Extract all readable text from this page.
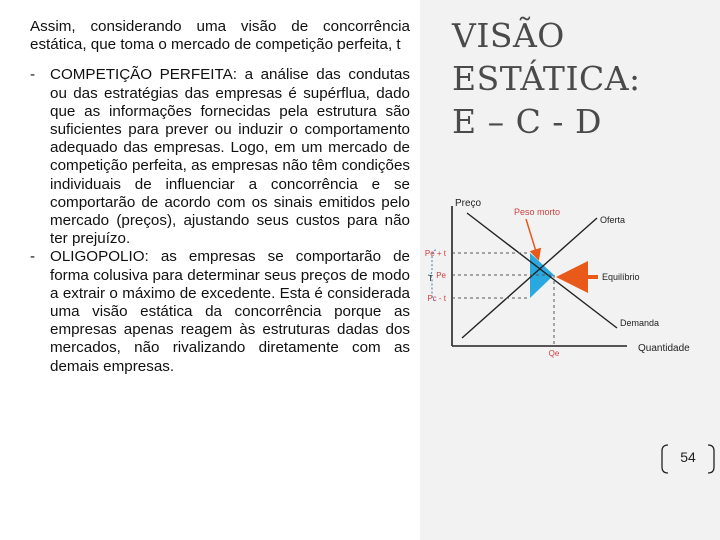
Assim, considerando uma visão de concorrência estática, que toma o mercado de competição perfeita, t

- COMPETIÇÃO PERFEITA: a análise das condutas ou das estratégias das empresas é supérflua, dado que as informações fornecidas pela estrutura são suficientes para prever ou induzir o comportamento adequado das empresas. Logo, em um mercado de competição perfeita, as empresas não têm condições individuais de influenciar a concorrência e se comportarão de acordo com os sinais emitidos pelo mercado (preços), ajustando seus custos para não ter prejuízo.
- OLIGOPOLIO: as empresas se comportarão de forma colusiva para determinar seus preços de modo a extrair o máximo de excedente. Esta é considerada uma visão estática da concorrência porque as empresas apenas reagem às estruturas dadas dos mercados, não rivalizando diretamente com as demais empresas.
VISÃO
ESTÁTICA:
E – C - D
Preço
Quantidade
Oferta
Demanda
Pe + t
Pe
Pc - t
T
Qe
Peso morto
Equilíbrio
54
